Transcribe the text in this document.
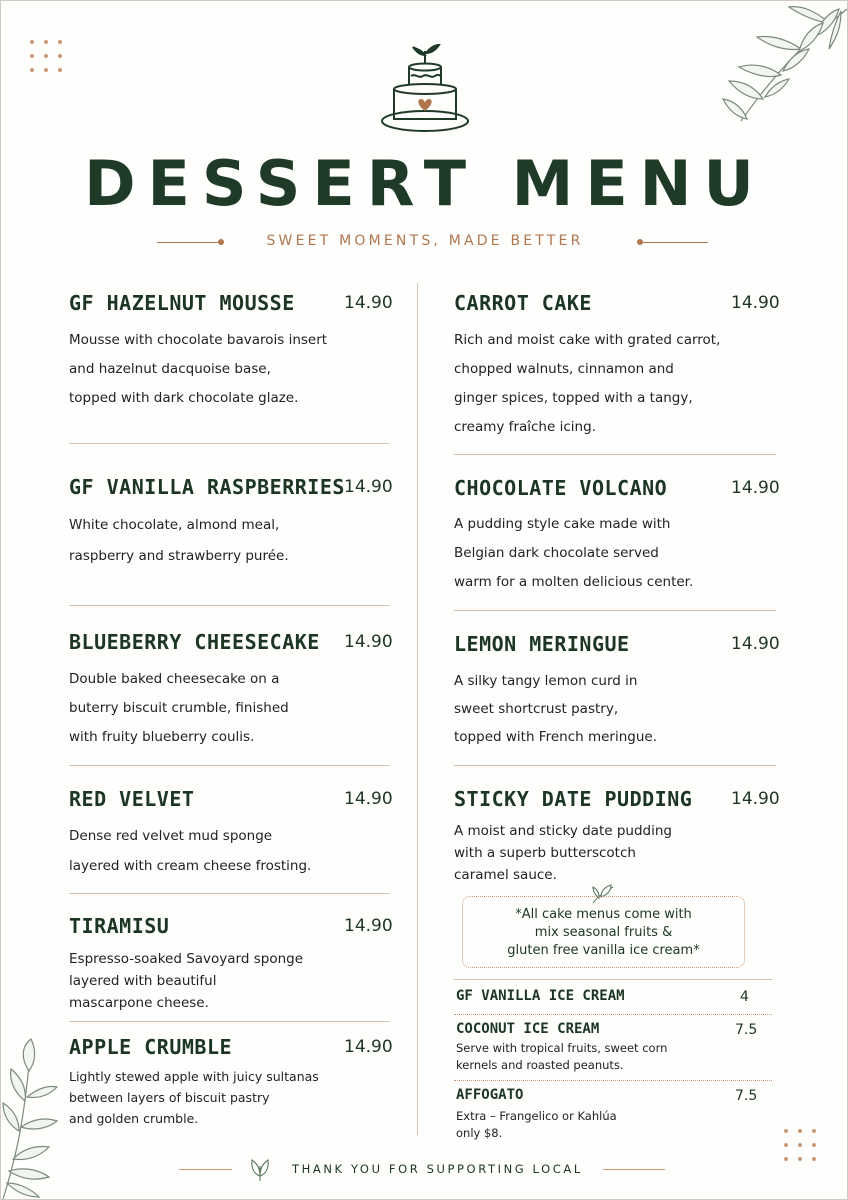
DESSERT MENU
SWEET MOMENTS, MADE BETTER
GF HAZELNUT MOUSSE	14.90
Mousse with chocolate bavarois insert
and hazelnut dacquoise base,
topped with dark chocolate glaze.
GF VANILLA RASPBERRIES 14.90
White chocolate, almond meal,
raspberry and strawberry purée.
BLUEBERRY CHEESECAKE 14.90
Double baked cheesecake on a
buterry biscuit crumble, finished
with fruity blueberry coulis.
RED VELVET	14.90
Dense red velvet mud sponge
layered with cream cheese frosting.
TIRAMISU	14.90
Espresso-soaked Savoyard sponge
layered with beautiful
mascarpone cheese.
APPLE CRUMBLE	14.90
Lightly stewed apple with juicy sultanas
between layers of biscuit pastry
and golden crumble.
CARROT CAKE	14.90
Rich and moist cake with grated carrot,
chopped walnuts, cinnamon and
ginger spices, topped with a tangy,
creamy fraîche icing.
CHOCOLATE VOLCANO	14.90
A pudding style cake made with
Belgian dark chocolate served
warm for a molten delicious center.
LEMON MERINGUE	14.90
A silky tangy lemon curd in
sweet shortcrust pastry,
topped with French meringue.
STICKY DATE PUDDING 14.90
A moist and sticky date pudding
with a superb butterscotch
caramel sauce.
*All cake menus come with
mix seasonal fruits &
gluten free vanilla ice cream*
GF VANILLA ICE CREAM	4
COCONUT ICE CREAM	7.5
Serve with tropical fruits, sweet corn
kernels and roasted peanuts.
AFFOGATO	7.5
Extra – Frangelico or Kahlúa
only $8.
THANK YOU FOR SUPPORTING LOCAL
